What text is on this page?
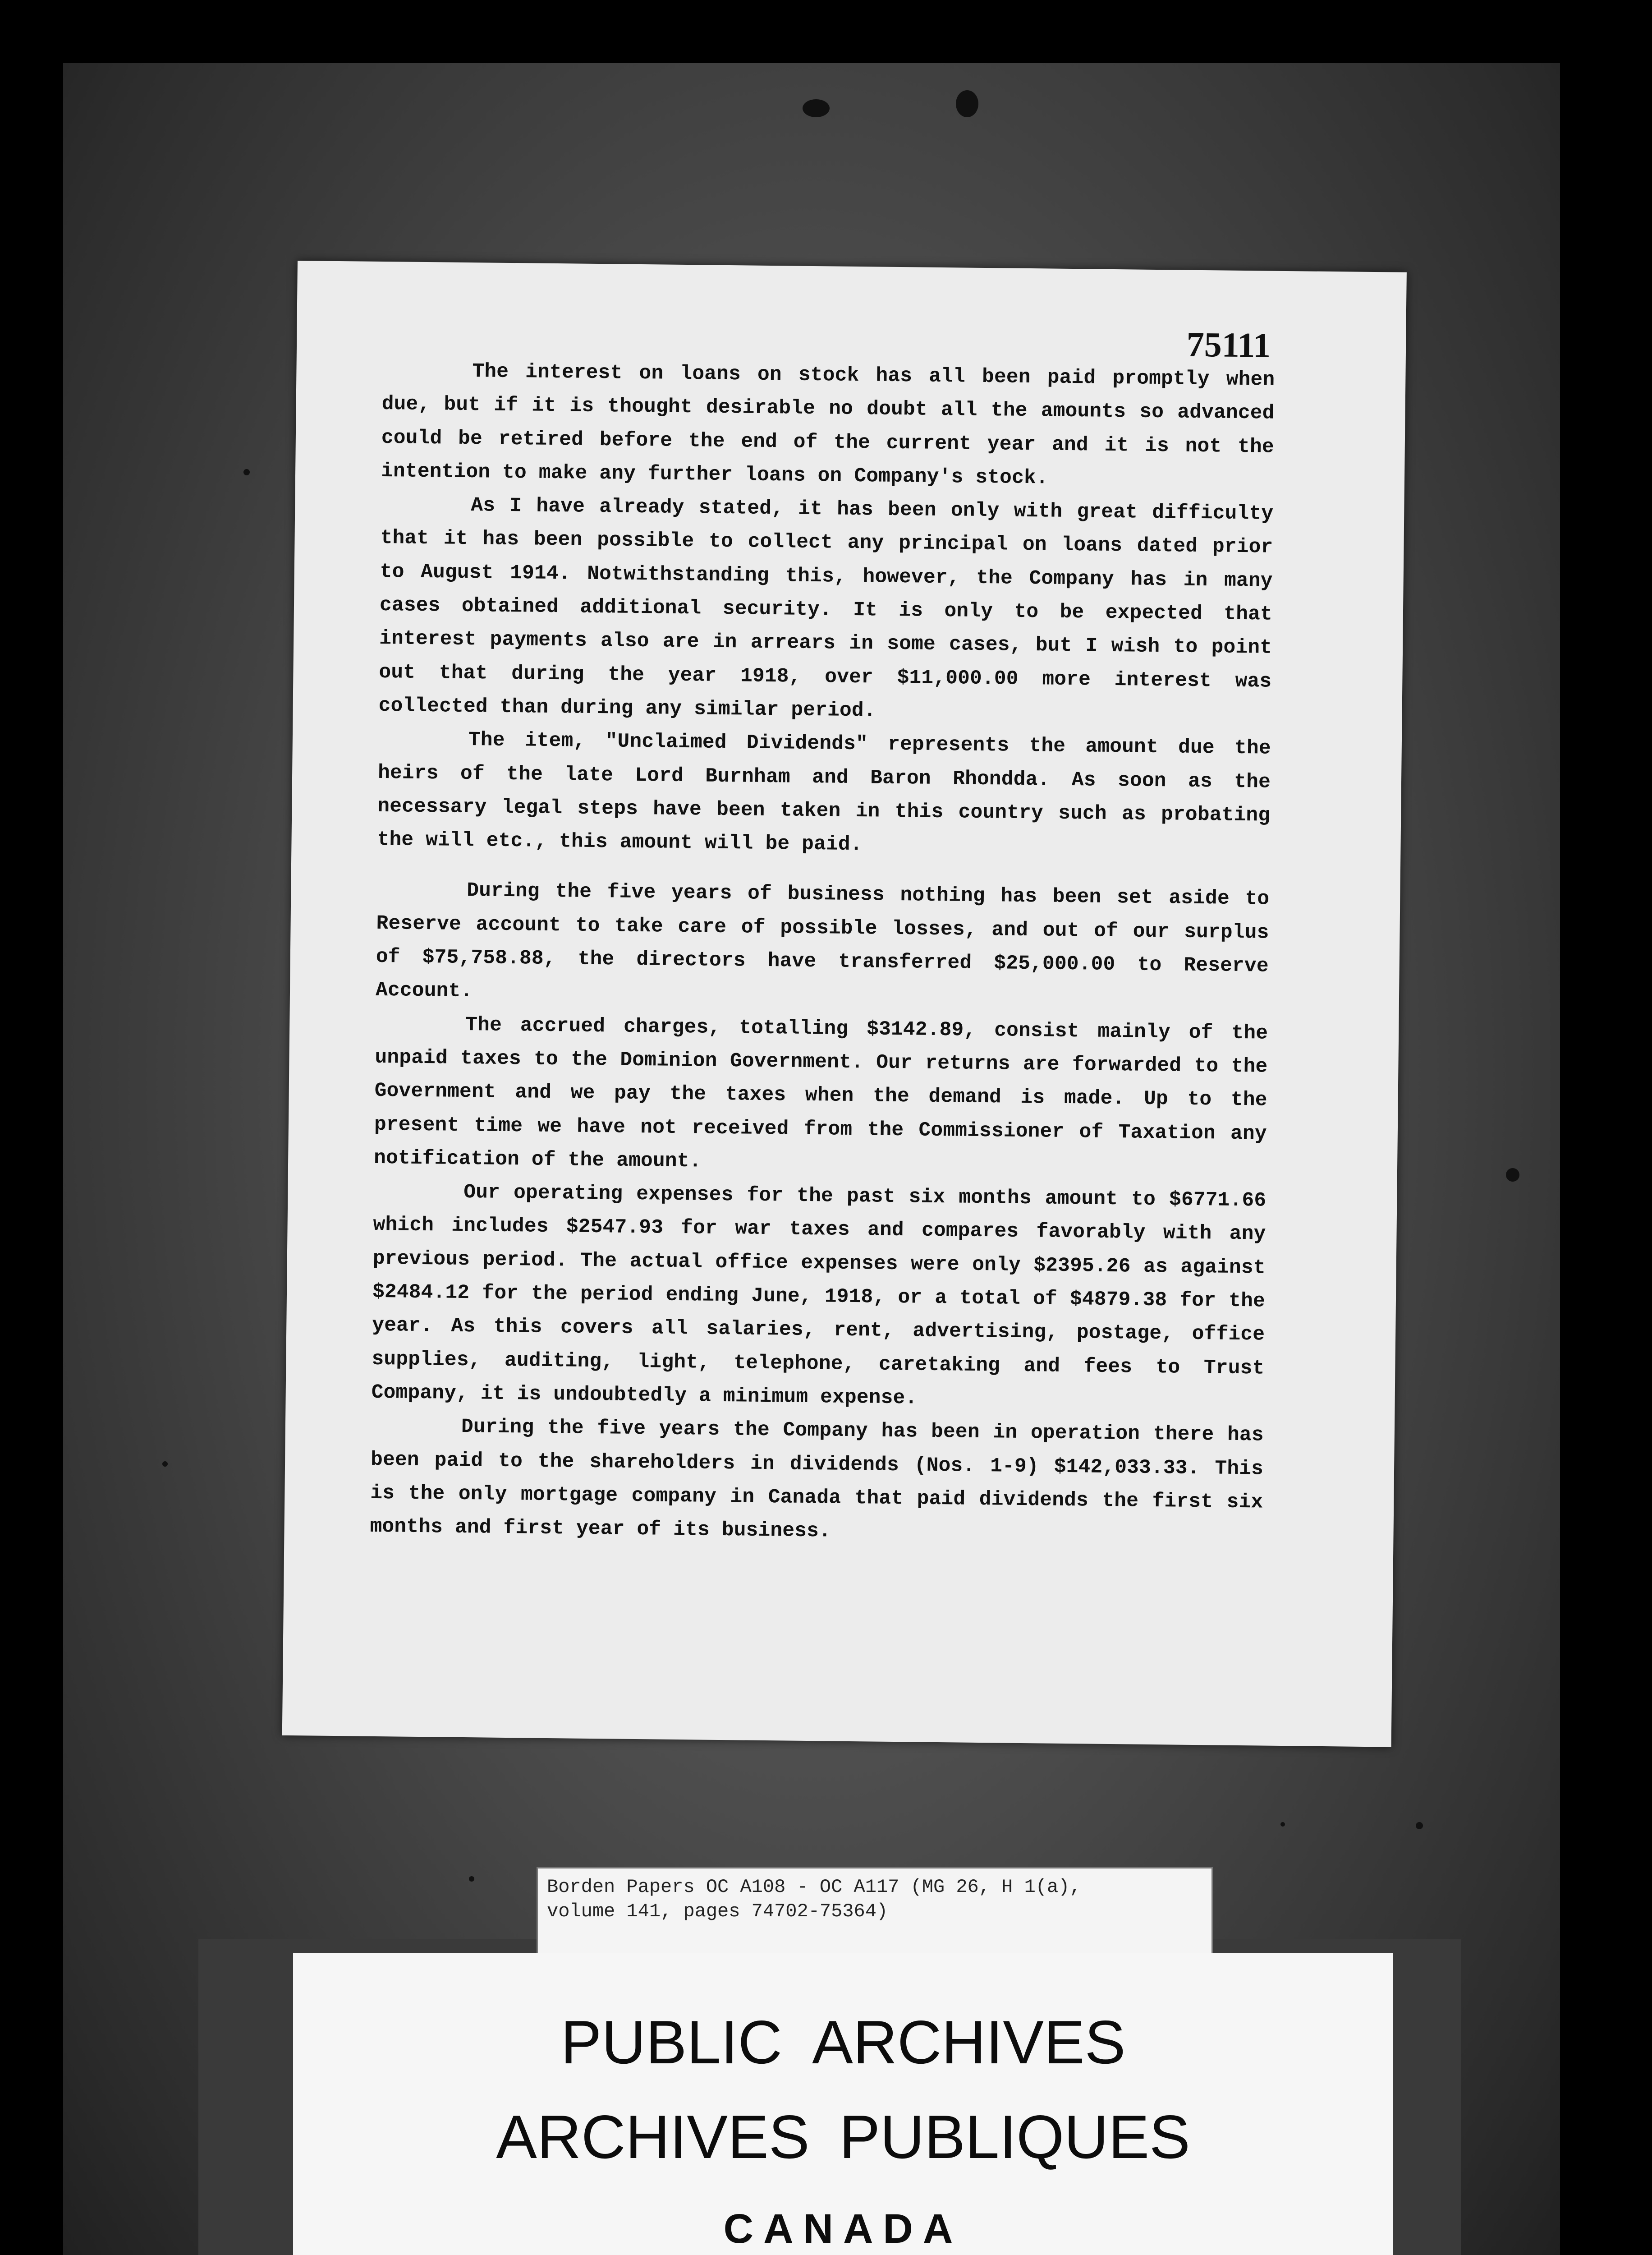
75111

The interest on loans on stock has all been paid promptly when due, but if it is thought desirable no doubt all the amounts so advanced could be retired before the end of the current year and it is not the intention to make any further loans on Company's stock.

As I have already stated, it has been only with great difficulty that it has been possible to collect any principal on loans dated prior to August 1914. Notwithstanding this, however, the Company has in many cases obtained additional security. It is only to be expected that interest payments also are in arrears in some cases, but I wish to point out that during the year 1918, over $11,000.00 more interest was collected than during any similar period.

The item, "Unclaimed Dividends" represents the amount due the heirs of the late Lord Burnham and Baron Rhondda. As soon as the necessary legal steps have been taken in this country such as probating the will etc., this amount will be paid.

During the five years of business nothing has been set aside to Reserve account to take care of possible losses, and out of our surplus of $75,758.88, the directors have transferred $25,000.00 to Reserve Account.

The accrued charges, totalling $3142.89, consist mainly of the unpaid taxes to the Dominion Government. Our returns are forwarded to the Government and we pay the taxes when the demand is made. Up to the present time we have not received from the Commissioner of Taxation any notification of the amount.

Our operating expenses for the past six months amount to $6771.66 which includes $2547.93 for war taxes and compares favorably with any previous period. The actual office expenses were only $2395.26 as against $2484.12 for the period ending June, 1918, or a total of $4879.38 for the year. As this covers all salaries, rent, advertising, postage, office supplies, auditing, light, telephone, caretaking and fees to Trust Company, it is undoubtedly a minimum expense.

During the five years the Company has been in operation there has been paid to the shareholders in dividends (Nos. 1-9) $142,033.33. This is the only mortgage company in Canada that paid dividends the first six months and first year of its business.

Borden Papers OC A108 - OC A117 (MG 26, H 1(a),
volume 141, pages 74702-75364)
PUBLIC ARCHIVES
ARCHIVES PUBLIQUES
CANADA
